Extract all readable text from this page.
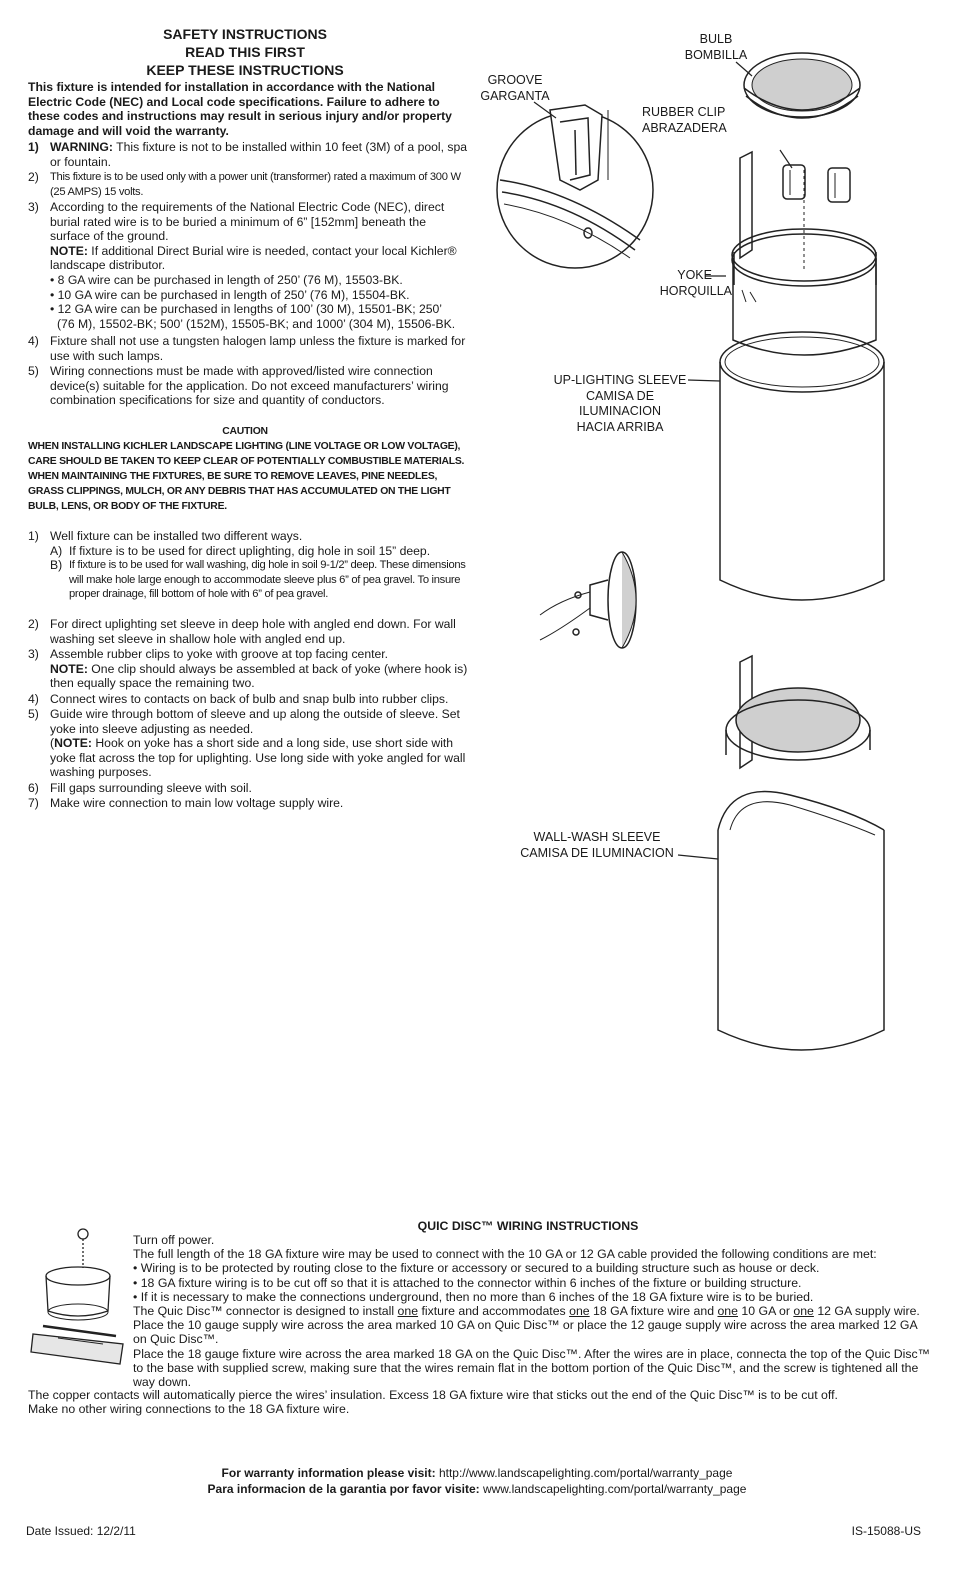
SAFETY INSTRUCTIONS
READ THIS FIRST
KEEP THESE INSTRUCTIONS
This fixture is intended for installation in accordance with the National Electric Code (NEC) and Local code specifications. Failure to adhere to these codes and instructions may result in serious injury and/or property damage and will void the warranty.
1) WARNING: This fixture is not to be installed within 10 feet (3M) of a pool, spa or fountain.
2) This fixture is to be used only with a power unit (transformer) rated a maximum of 300 W (25 AMPS) 15 volts.
3) According to the requirements of the National Electric Code (NEC), direct burial rated wire is to be buried a minimum of 6” [152mm] beneath the surface of the ground.
NOTE: If additional Direct Burial wire is needed, contact your local Kichler® landscape distributor.
• 8 GA wire can be purchased in length of 250’ (76 M), 15503-BK.
• 10 GA wire can be purchased in length of 250’ (76 M), 15504-BK.
• 12 GA wire can be purchased in lengths of 100’ (30 M), 15501-BK; 250’
(76 M), 15502-BK; 500’ (152M), 15505-BK; and 1000’ (304 M), 15506-BK.
4) Fixture shall not use a tungsten halogen lamp unless the fixture is marked for use with such lamps.
5) Wiring connections must be made with approved/listed wire connection device(s) suitable for the application. Do not exceed manufacturers’ wiring combination specifications for size and quantity of conductors.
CAUTION
WHEN INSTALLING KICHLER LANDSCAPE LIGHTING (LINE VOLTAGE OR LOW VOLTAGE), CARE SHOULD BE TAKEN TO KEEP CLEAR OF POTENTIALLY COMBUSTIBLE MATERIALS. WHEN MAINTAINING THE FIXTURES, BE SURE TO REMOVE LEAVES, PINE NEEDLES, GRASS CLIPPINGS, MULCH, OR ANY DEBRIS THAT HAS ACCUMULATED ON THE LIGHT BULB, LENS, OR BODY OF THE FIXTURE.
1) Well fixture can be installed two different ways.
A) If fixture is to be used for direct uplighting, dig hole in soil 15” deep.
B) If fixture is to be used for wall washing, dig hole in soil 9-1/2” deep. These dimensions will make hole large enough to accommodate sleeve plus 6” of pea gravel. To insure proper drainage, fill bottom of hole with 6” of pea gravel.
2) For direct uplighting set sleeve in deep hole with angled end down. For wall washing set sleeve in shallow hole with angled end up.
3) Assemble rubber clips to yoke with groove at top facing center.
NOTE: One clip should always be assembled at back of yoke (where hook is) then equally space the remaining two.
4) Connect wires to contacts on back of bulb and snap bulb into rubber clips.
5) Guide wire through bottom of sleeve and up along the outside of sleeve. Set yoke into sleeve adjusting as needed.
(NOTE: Hook on yoke has a short side and a long side, use short side with yoke flat across the top for uplighting. Use long side with yoke angled for wall washing purposes.
6) Fill gaps surrounding sleeve with soil.
7) Make wire connection to main low voltage supply wire.
BULB
BOMBILLA
GROOVE
GARGANTA
RUBBER CLIP
ABRAZADERA
YOKE
HORQUILLA
UP-LIGHTING SLEEVE
CAMISA DE
ILUMINACION
HACIA ARRIBA
WALL-WASH SLEEVE
CAMISA DE ILUMINACION
QUIC DISC™ WIRING INSTRUCTIONS
Turn off power.
The full length of the 18 GA fixture wire may be used to connect with the 10 GA or 12 GA cable provided the following conditions are met:
• Wiring is to be protected by routing close to the fixture or accessory or secured to a building structure such as house or deck.
• 18 GA fixture wiring is to be cut off so that it is attached to the connector within 6 inches of the fixture or building structure.
• If it is necessary to make the connections underground, then no more than 6 inches of the 18 GA fixture wire is to be buried.
The Quic Disc™ connector is designed to install one fixture and accommodates one 18 GA fixture wire and one 10 GA or one 12 GA supply wire.
Place the 10 gauge supply wire across the area marked 10 GA on Quic Disc™ or place the 12 gauge supply wire across the area marked 12 GA on Quic Disc™.
Place the 18 gauge fixture wire across the area marked 18 GA on the Quic Disc™. After the wires are in place, connecta the top of the Quic Disc™ to the base with supplied screw, making sure that the wires remain flat in the bottom portion of the Quic Disc™, and the screw is tightened all the way down.
The copper contacts will automatically pierce the wires’ insulation. Excess 18 GA fixture wire that sticks out the end of the Quic Disc™ is to be cut off.
Make no other wiring connections to the 18 GA fixture wire.
For warranty information please visit: http://www.landscapelighting.com/portal/warranty_page
Para informacion de la garantia por favor visite: www.landscapelighting.com/portal/warranty_page
Date Issued: 12/2/11	IS-15088-US
